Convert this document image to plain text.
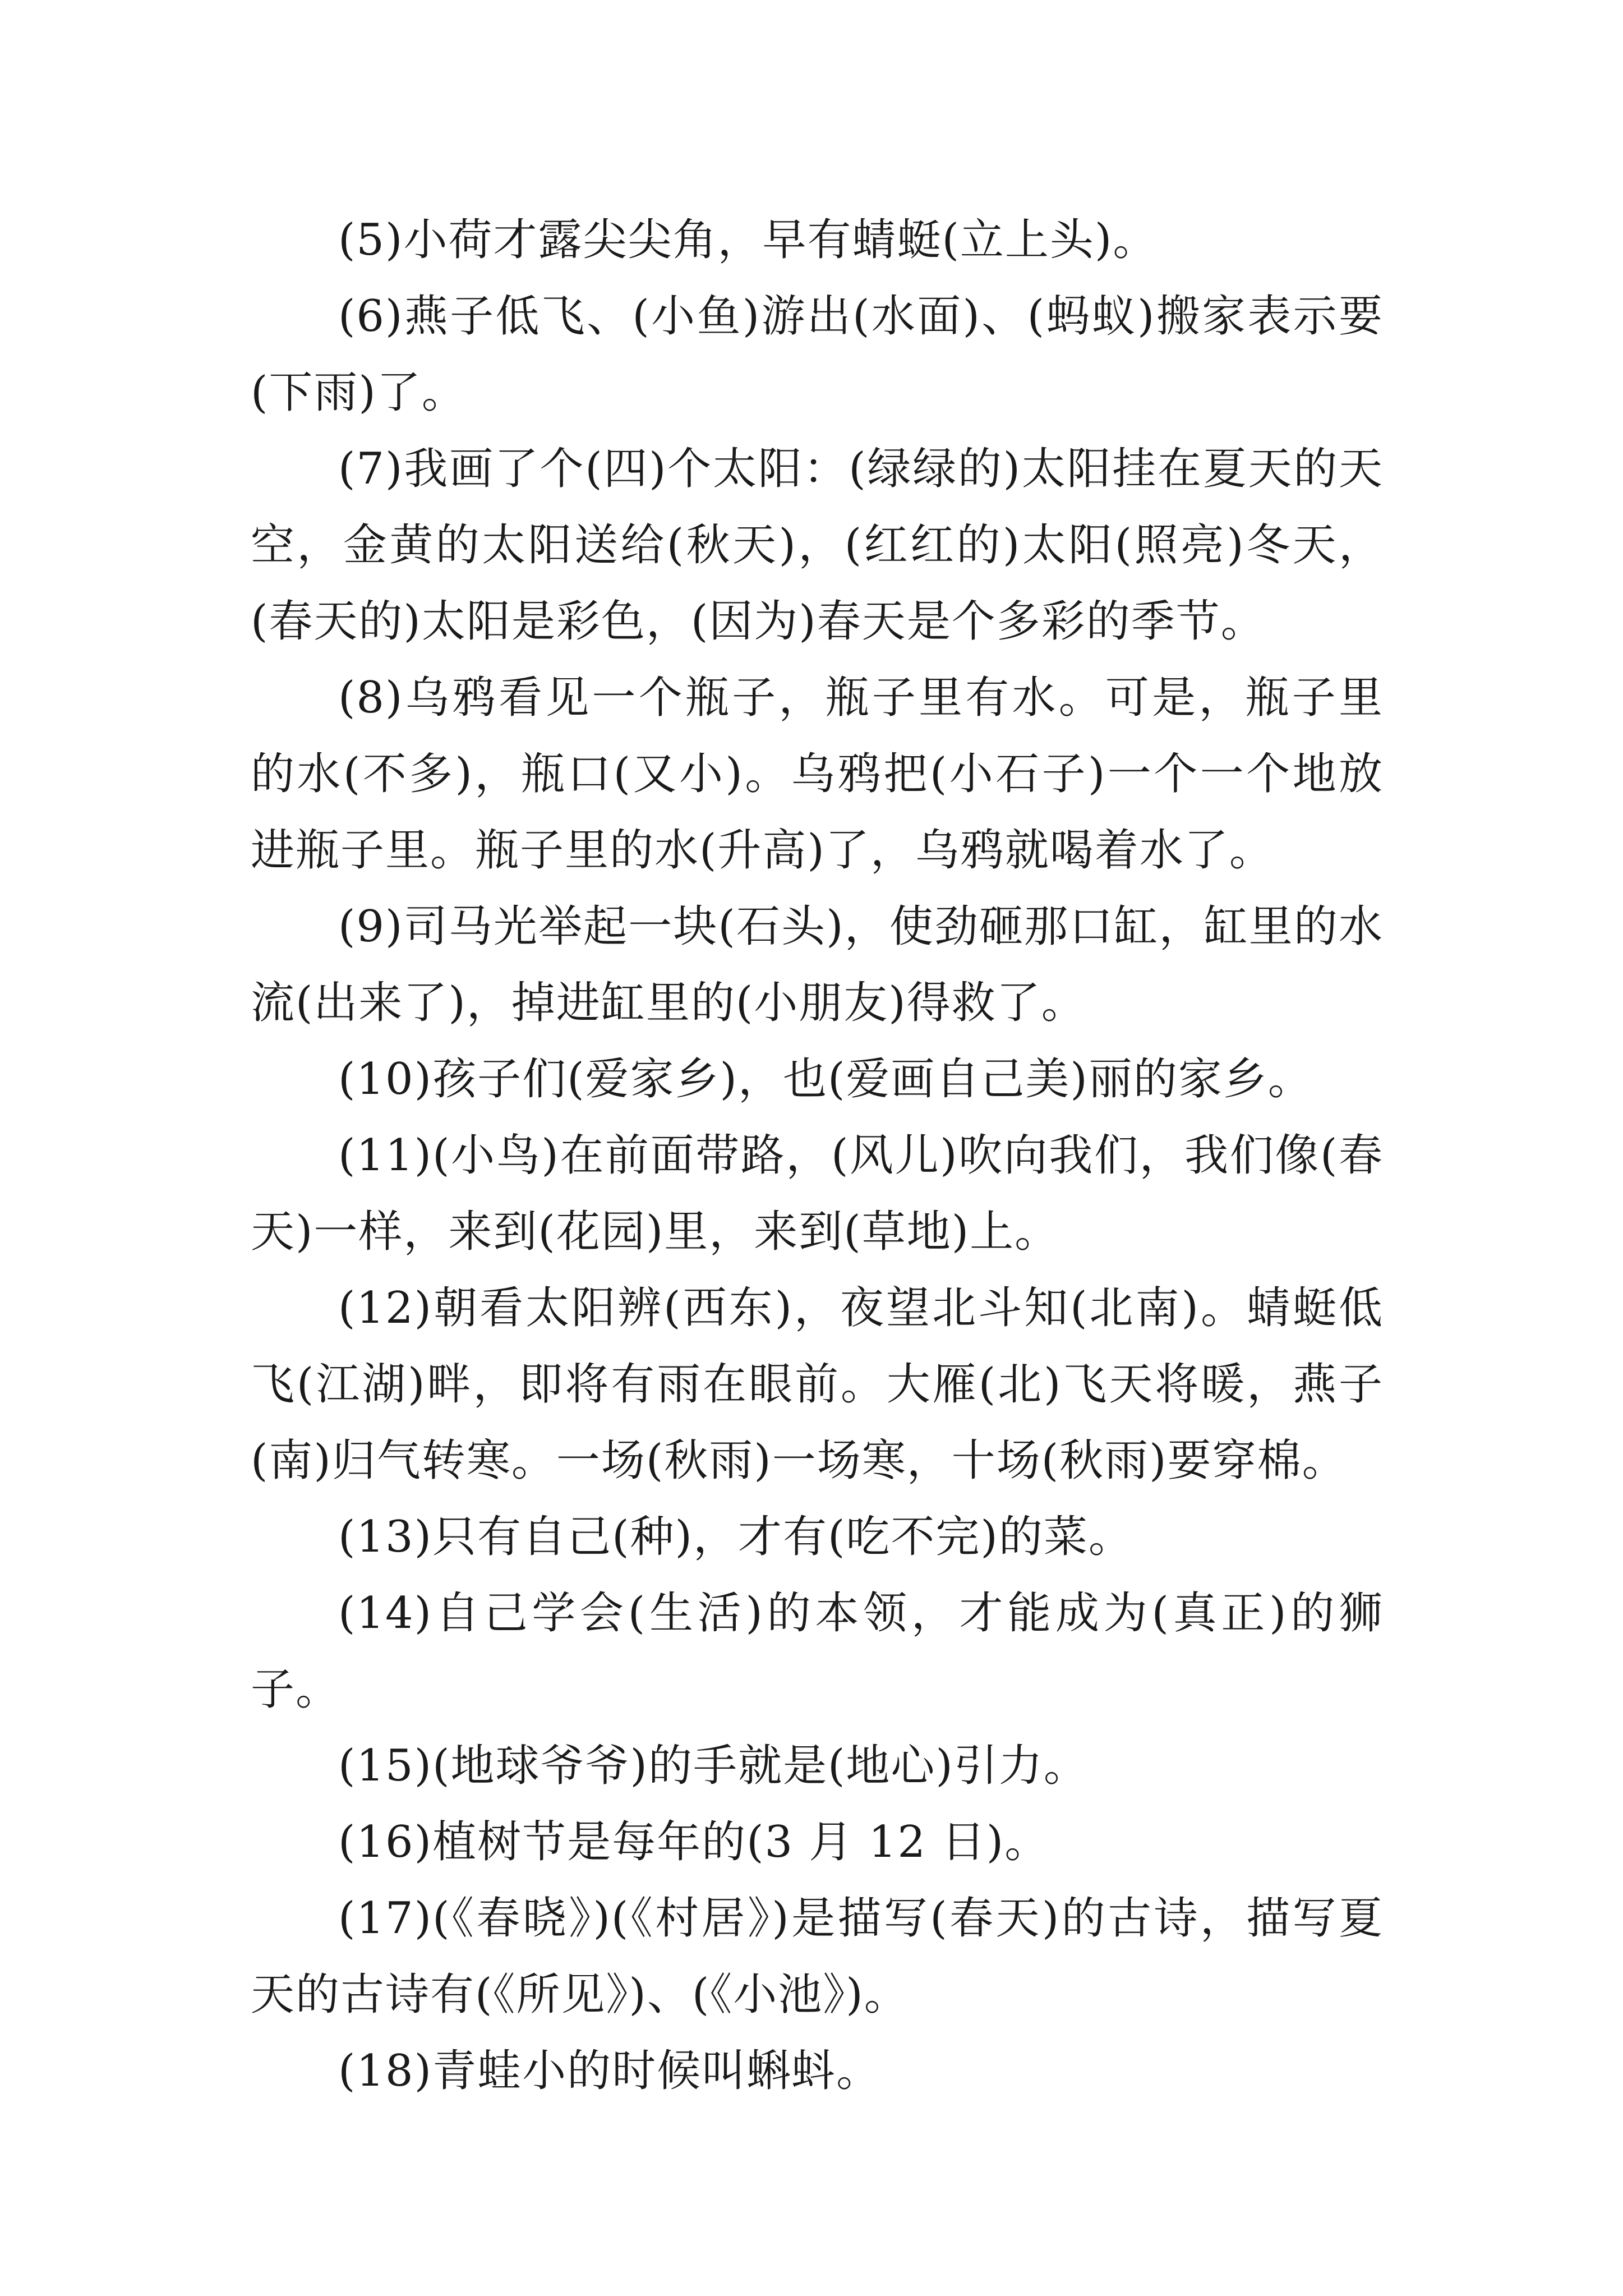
(5)小荷才露尖尖角，早有蜻蜓(立上头)。

(6)燕子低飞、(小鱼)游出(水面)、(蚂蚁)搬家表示要(下雨)了。

(7)我画了个(四)个太阳：(绿绿的)太阳挂在夏天的天空，金黄的太阳送给(秋天)，(红红的)太阳(照亮)冬天，(春天的)太阳是彩色，(因为)春天是个多彩的季节。

(8)乌鸦看见一个瓶子，瓶子里有水。可是，瓶子里的水(不多)，瓶口(又小)。乌鸦把(小石子)一个一个地放进瓶子里。瓶子里的水(升高)了，乌鸦就喝着水了。

(9)司马光举起一块(石头)，使劲砸那口缸，缸里的水流(出来了)，掉进缸里的(小朋友)得救了。

(10)孩子们(爱家乡)，也(爱画自己美)丽的家乡。

(11)(小鸟)在前面带路，(风儿)吹向我们，我们像(春天)一样，来到(花园)里，来到(草地)上。

(12)朝看太阳辨(西东)，夜望北斗知(北南)。蜻蜓低飞(江湖)畔，即将有雨在眼前。大雁(北)飞天将暖，燕子(南)归气转寒。一场(秋雨)一场寒，十场(秋雨)要穿棉。

(13)只有自己(种)，才有(吃不完)的菜。

(14)自己学会(生活)的本领，才能成为(真正)的狮子。

(15)(地球爷爷)的手就是(地心)引力。

(16)植树节是每年的(3 月 12 日)。

(17)(《春晓》)(《村居》)是描写(春天)的古诗，描写夏天的古诗有(《所见》)、(《小池》)。

(18)青蛙小的时候叫蝌蚪。
